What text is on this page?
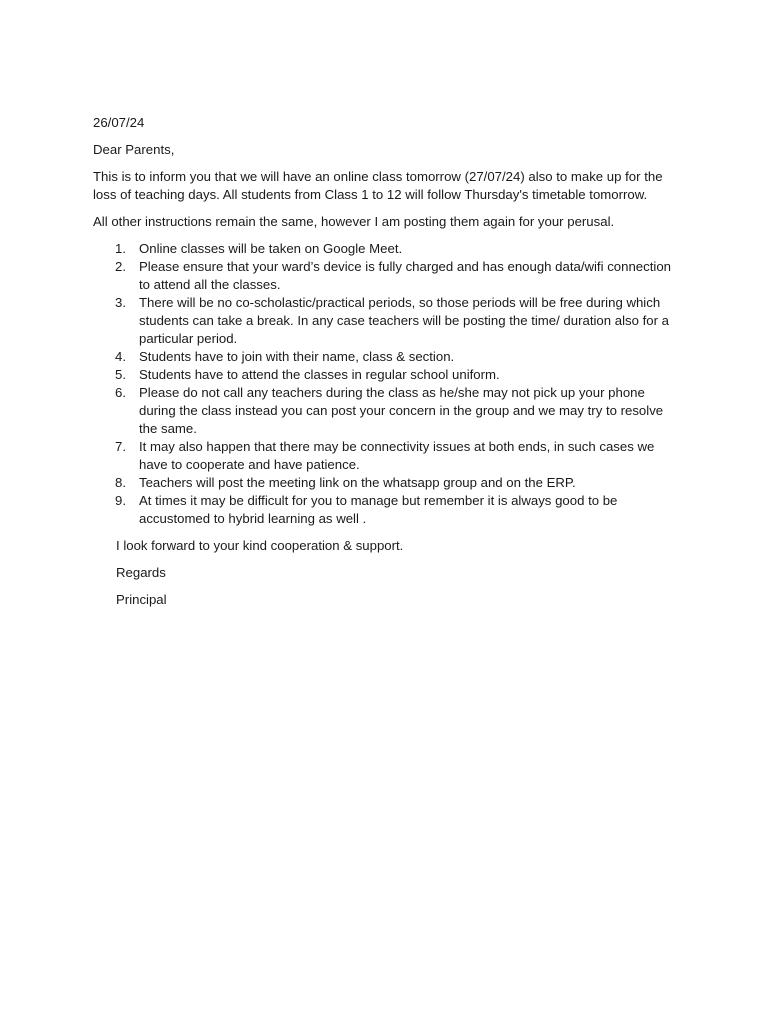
26/07/24

Dear Parents,

This is to inform you that we will have an online class tomorrow (27/07/24) also to make up for the loss of teaching days. All students from Class 1 to 12 will follow Thursday's timetable tomorrow.

All other instructions remain the same, however I am posting them again for your perusal.

1. Online classes will be taken on Google Meet.
2. Please ensure that your ward’s device is fully charged and has enough data/wifi connection to attend all the classes.
3. There will be no co-scholastic/practical periods, so those periods will be free during which students can take a break. In any case teachers will be posting the time/ duration also for a particular period.
4. Students have to join with their name, class & section.
5. Students have to attend the classes in regular school uniform.
6. Please do not call any teachers during the class as he/she may not pick up your phone during the class instead you can post your concern in the group and we may try to resolve the same.
7. It may also happen that there may be connectivity issues at both ends, in such cases we have to cooperate and have patience.
8. Teachers will post the meeting link on the whatsapp group and on the ERP.
9. At times it may be difficult for you to manage but remember it is always good to be accustomed to hybrid learning as well .

I look forward to your kind cooperation & support.

Regards

Principal
